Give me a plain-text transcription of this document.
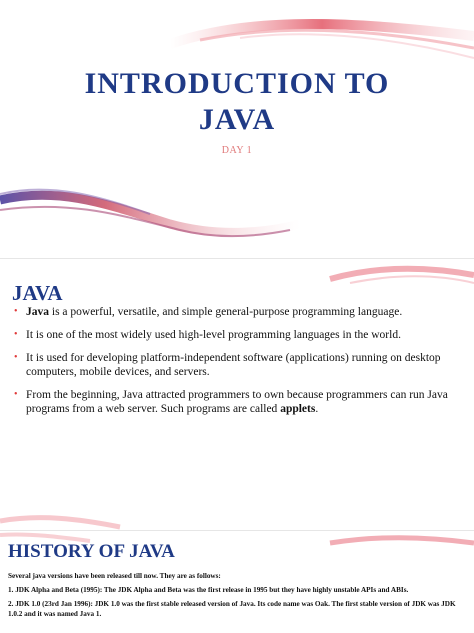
INTRODUCTION TO
JAVA
DAY 1
JAVA
• Java is a powerful, versatile, and simple general-purpose programming language.
• It is one of the most widely used high-level programming languages in the world.
• It is used for developing platform-independent software (applications) running on desktop computers, mobile devices, and servers.
• From the beginning, Java attracted programmers to own because programmers can run Java programs from a web server. Such programs are called applets.
HISTORY OF JAVA

Several java versions have been released till now. They are as follows:

1. JDK Alpha and Beta (1995): The JDK Alpha and Beta was the first release in 1995 but they have highly unstable APIs and ABIs.

2. JDK 1.0 (23rd Jan 1996): JDK 1.0 was the first stable released version of Java. Its code name was Oak. The first stable version of JDK was JDK 1.0.2 and it was named Java 1.
